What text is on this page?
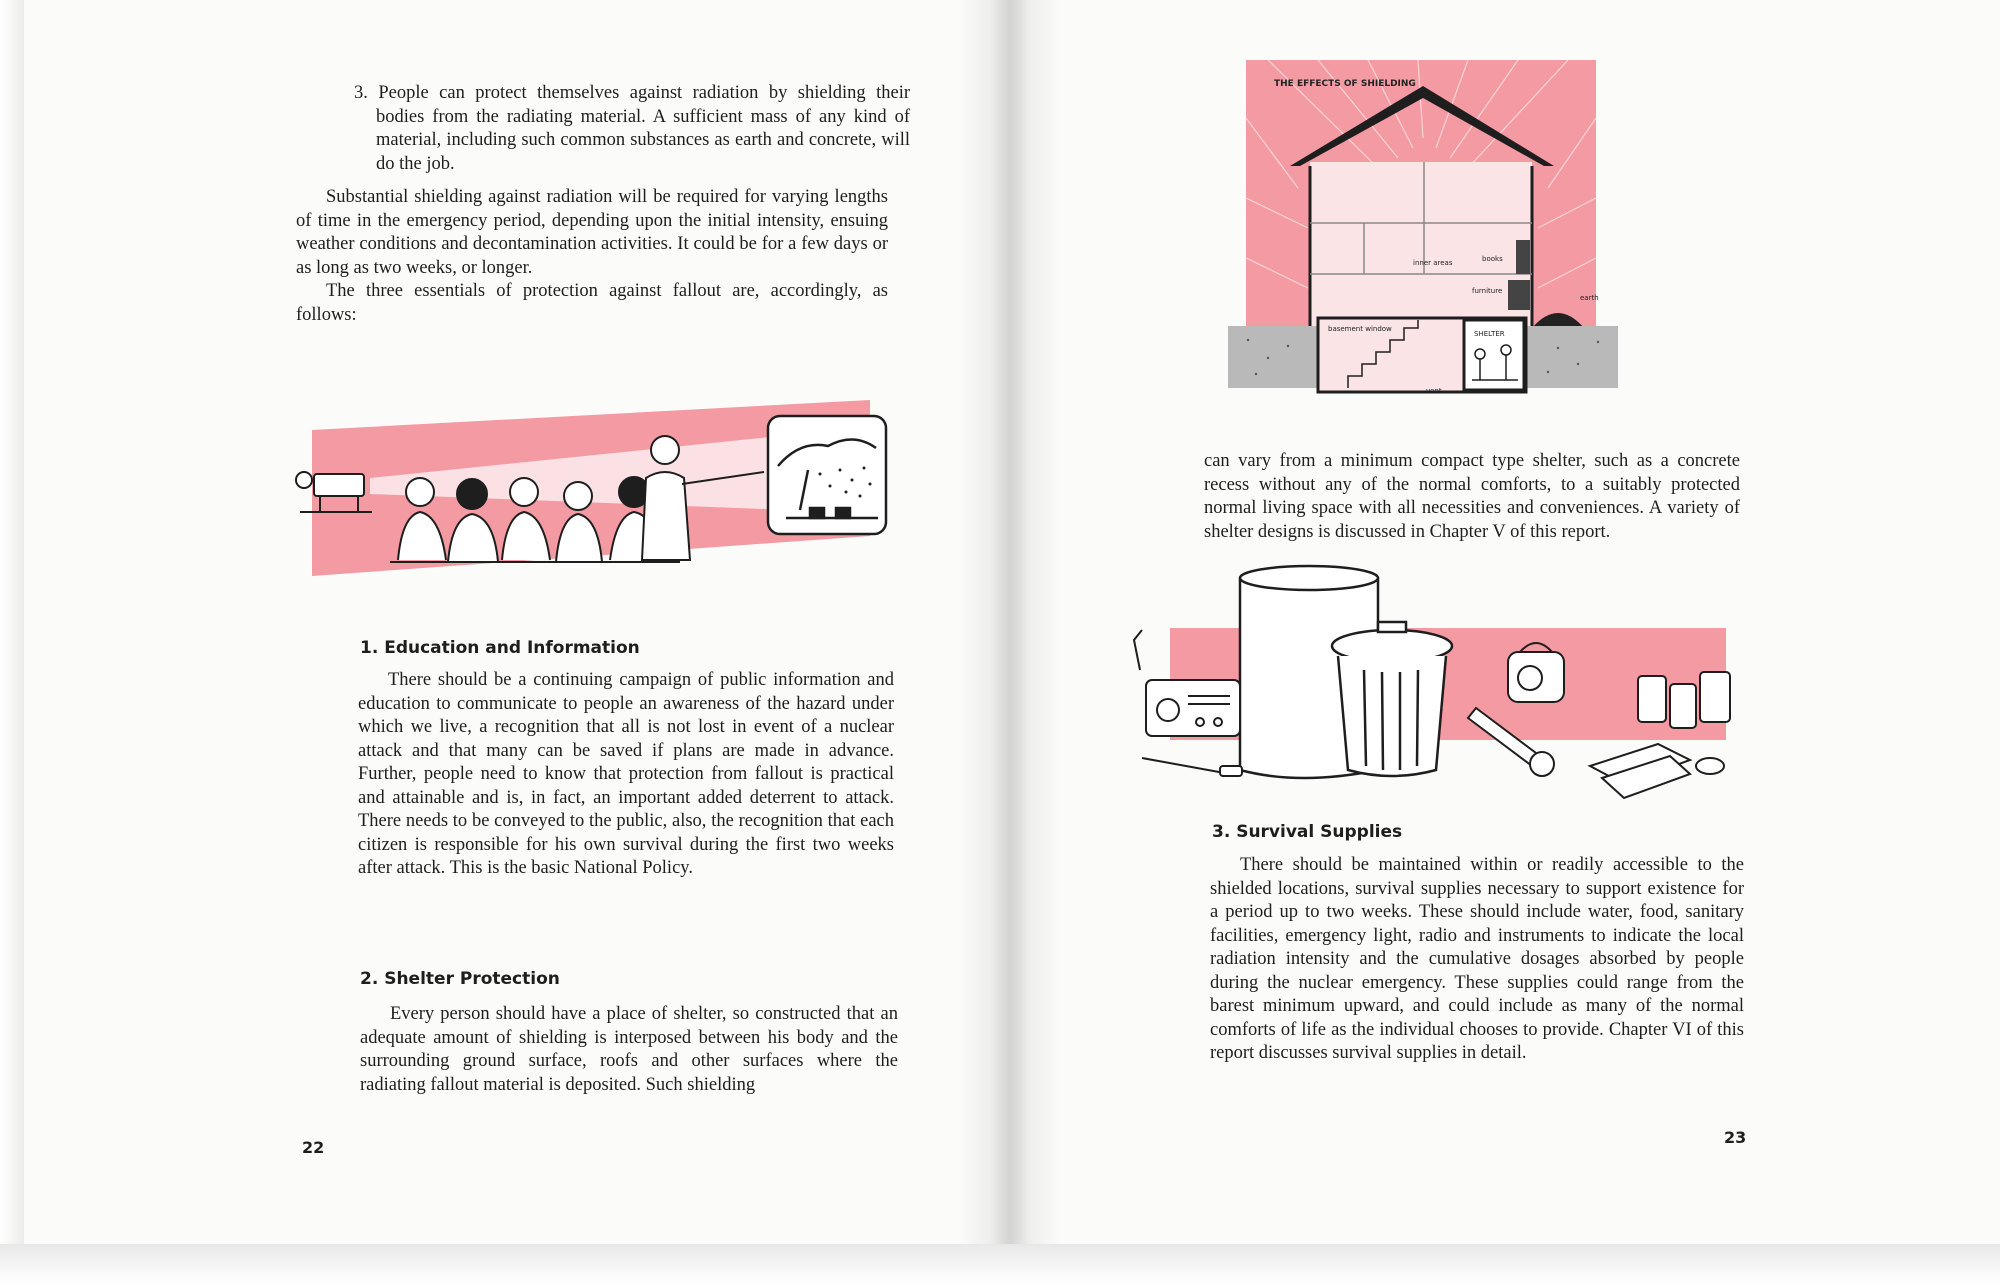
3. People can protect themselves against radiation by shielding their bodies from the radiating material. A sufficient mass of any kind of material, including such common substances as earth and concrete, will do the job.

Substantial shielding against radiation will be required for varying lengths of time in the emergency period, depending upon the initial intensity, ensuing weather conditions and decontamination activities. It could be for a few days or as long as two weeks, or longer.

The three essentials of protection against fallout are, accordingly, as follows:

1. Education and Information

There should be a continuing campaign of public information and education to communicate to people an awareness of the hazard under which we live, a recognition that all is not lost in event of a nuclear attack and that many can be saved if plans are made in advance. Further, people need to know that protection from fallout is practical and attainable and is, in fact, an important added deterrent to attack. There needs to be conveyed to the public, also, the recognition that each citizen is responsible for his own survival during the first two weeks after attack. This is the basic National Policy.

2. Shelter Protection

Every person should have a place of shelter, so constructed that an adequate amount of shielding is interposed between his body and the surrounding ground surface, roofs and other surfaces where the radiating fallout material is deposited. Such shielding

22

THE EFFECTS OF SHIELDING
inner areas	books
furniture
earth
basement window
SHELTER
vent

can vary from a minimum compact type shelter, such as a concrete recess without any of the normal comforts, to a suitably protected normal living space with all necessities and conveniences. A variety of shelter designs is discussed in Chapter V of this report.

3. Survival Supplies

There should be maintained within or readily accessible to the shielded locations, survival supplies necessary to support existence for a period up to two weeks. These should include water, food, sanitary facilities, emergency light, radio and instruments to indicate the local radiation intensity and the cumulative dosages absorbed by people during the nuclear emergency. These supplies could range from the barest minimum upward, and could include as many of the normal comforts of life as the individual chooses to provide. Chapter VI of this report discusses survival supplies in detail.

23
